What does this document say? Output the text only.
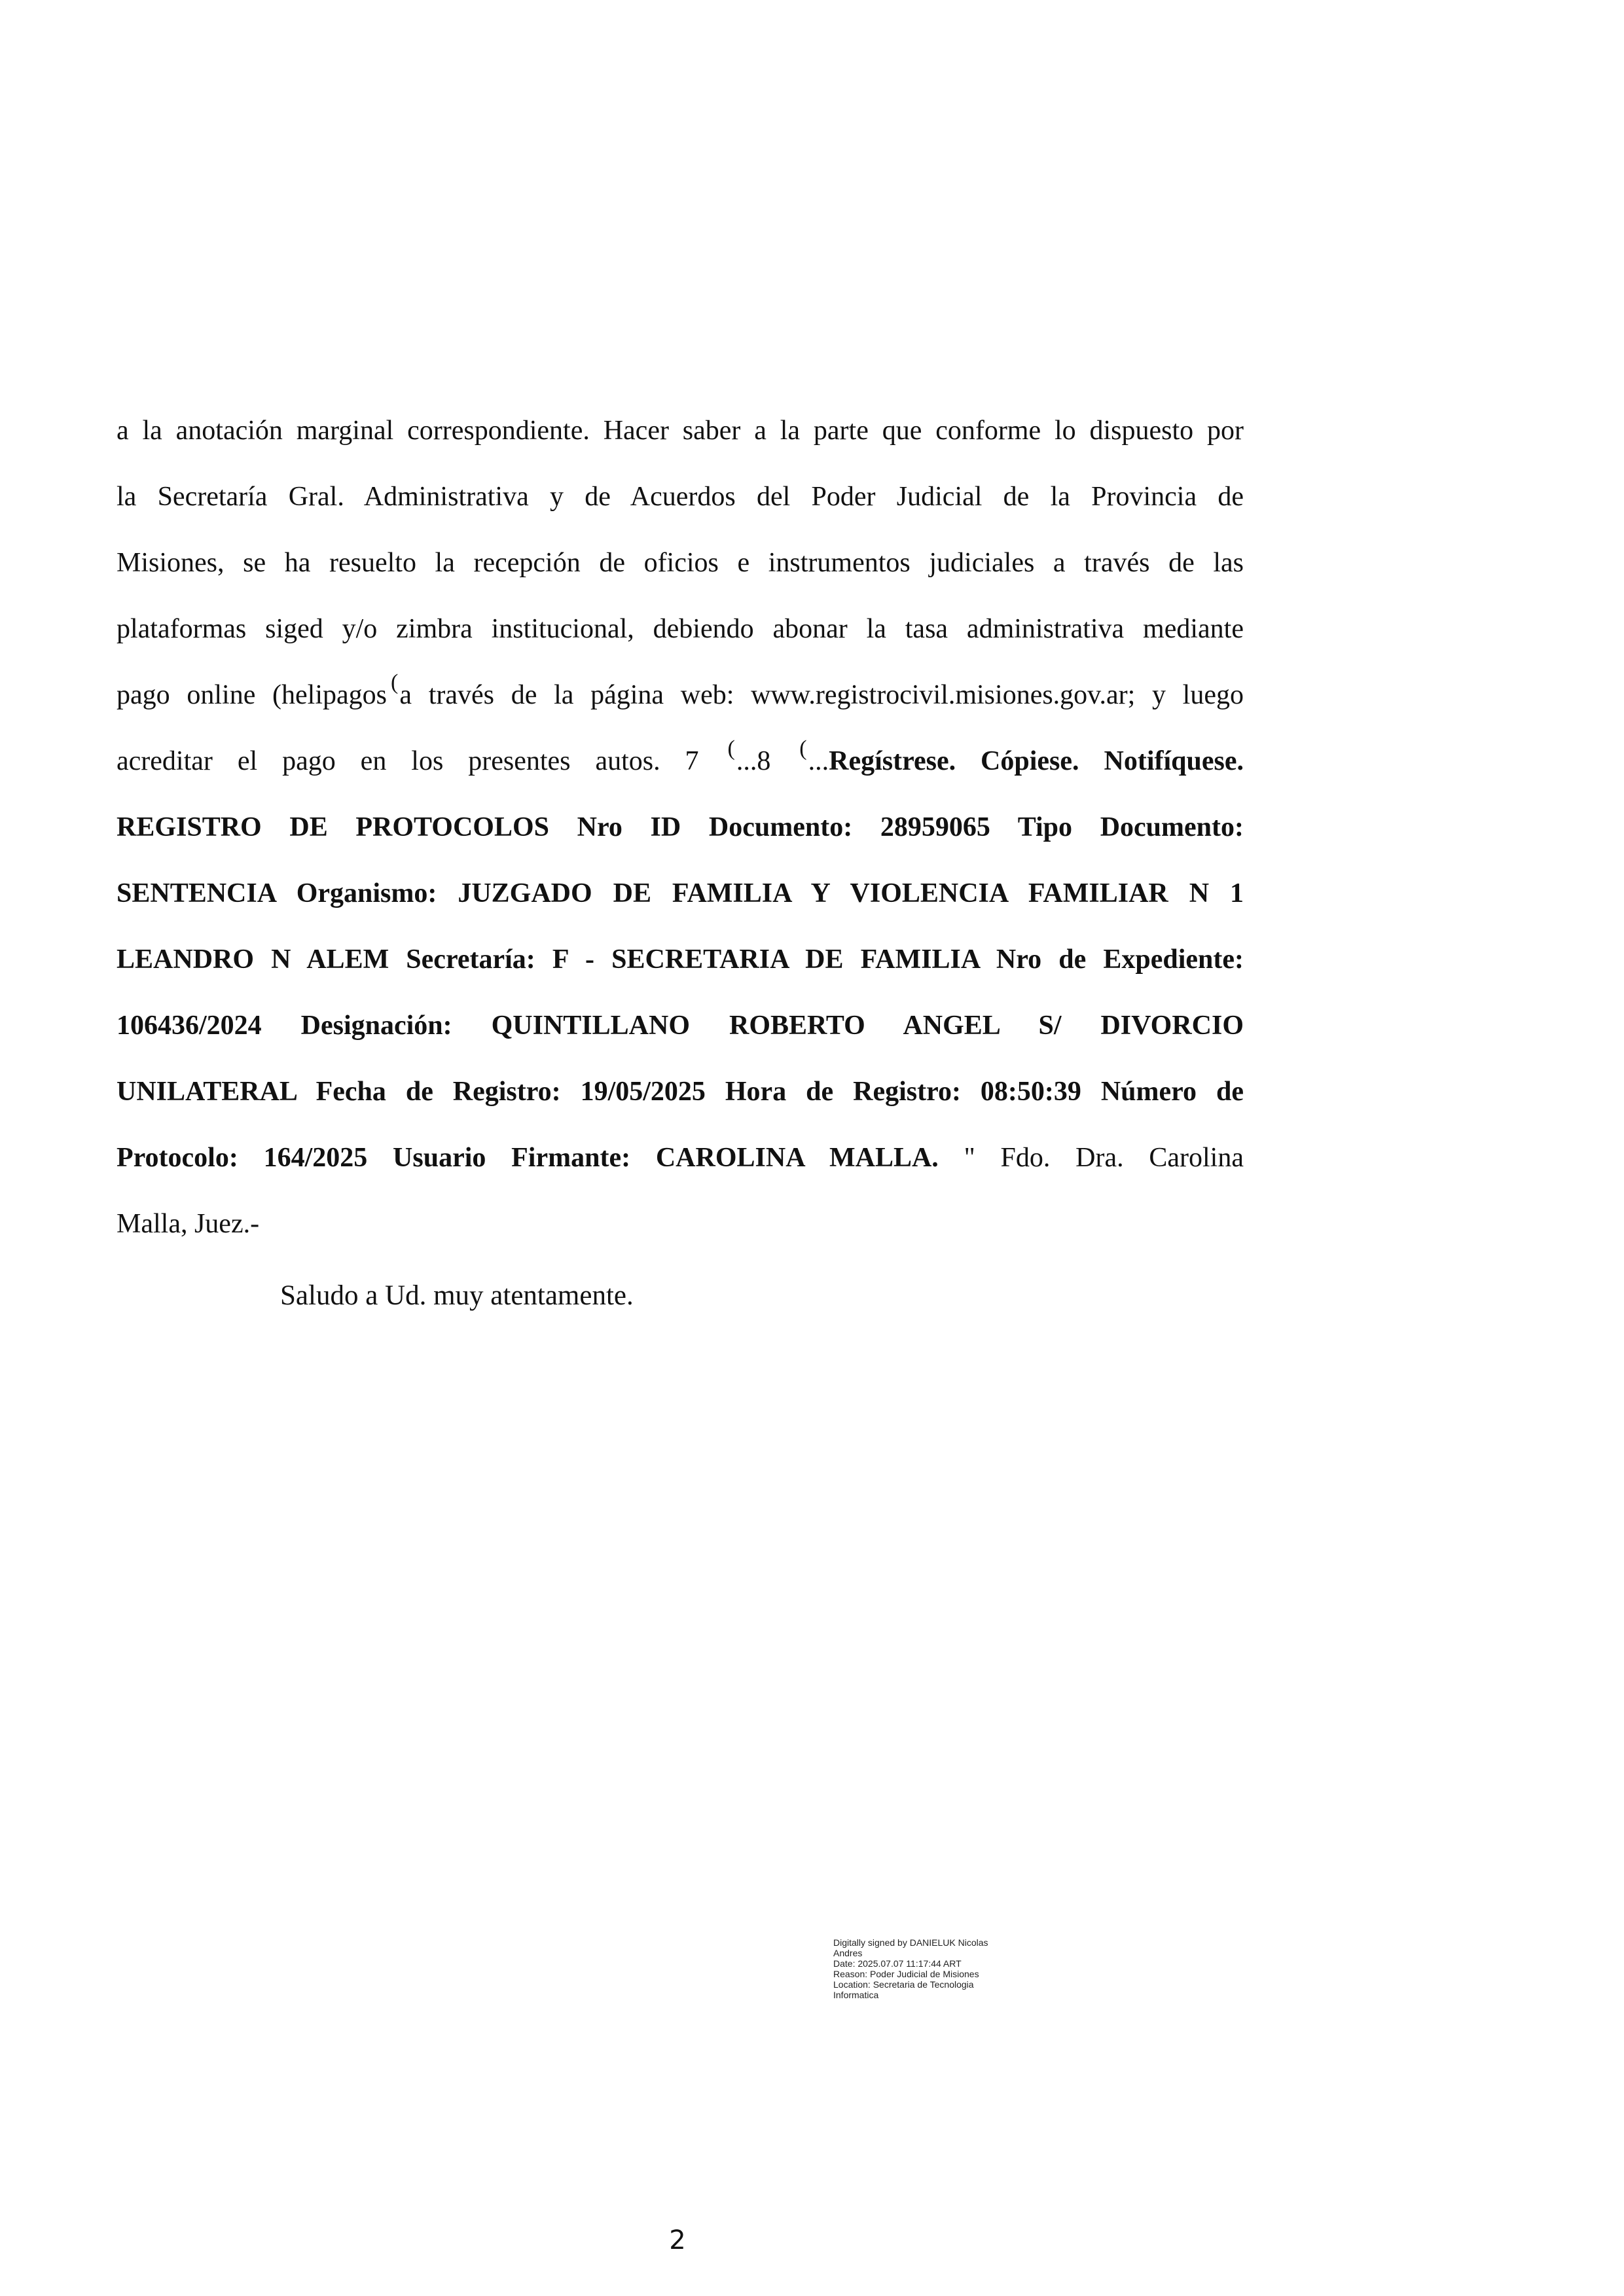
a la anotación marginal correspondiente. Hacer saber a la parte que conforme lo dispuesto por
la Secretaría Gral. Administrativa y de Acuerdos del Poder Judicial de la Provincia de
Misiones, se ha resuelto la recepción de oficios e instrumentos judiciales a través de las
plataformas siged y/o zimbra institucional, debiendo abonar la tasa administrativa mediante
pago online (helipagos (a través de la página web: www.registrocivil.misiones.gov.ar; y luego
acreditar el pago en los presentes autos. 7 (...8 (...Regístrese. Cópiese. Notifíquese.
REGISTRO DE PROTOCOLOS Nro ID Documento: 28959065 Tipo Documento:
SENTENCIA Organismo: JUZGADO DE FAMILIA Y VIOLENCIA FAMILIAR N 1
LEANDRO N ALEM Secretaría: F - SECRETARIA DE FAMILIA Nro de Expediente:
106436/2024 Designación: QUINTILLANO ROBERTO ANGEL S/ DIVORCIO
UNILATERAL Fecha de Registro: 19/05/2025 Hora de Registro: 08:50:39 Número de
Protocolo: 164/2025 Usuario Firmante: CAROLINA MALLA. " Fdo. Dra. Carolina
Malla, Juez.-
Saludo a Ud. muy atentamente.
Digitally signed by DANIELUK Nicolas
Andres
Date: 2025.07.07 11:17:44 ART
Reason: Poder Judicial de Misiones
Location: Secretaria de Tecnologia
Informatica
2
